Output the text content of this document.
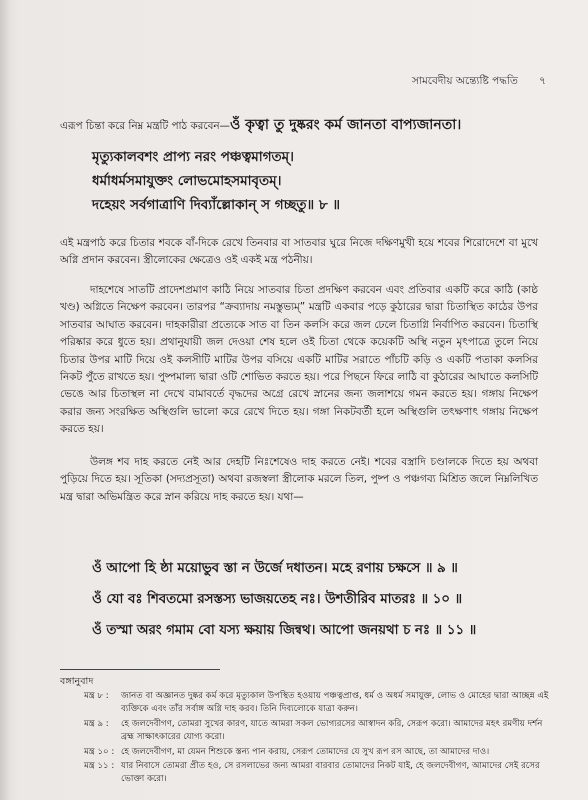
সামবেদীয় অন্ত্যেষ্টি পদ্ধতি ৭
এরূপ চিন্তা করে নিম্ন মন্ত্রটি পাঠ করবেন—ওঁ কৃত্বা তু দুষ্করং কর্ম জানতা বাপ্যজানতা।
মৃত্যুকালবশং প্রাপ্য নরং পঞ্চত্বমাগতম্।
ধর্মাধর্মসমাযুক্তং লোভমোহসমাবৃতম্।
দহেয়ং সর্বগাত্রাণি দিব্যাঁল্লোকান্ স গচ্ছতু॥ ৮ ॥
এই মন্ত্রপাঠ করে চিতার শবকে বাঁ-দিকে রেখে তিনবার বা সাতবার ঘুরে নিজে দক্ষিণমুখী হয়ে শবের শিরোদেশে বা মুখে অগ্নি প্রদান করবেন। স্ত্রীলোকের ক্ষেত্রেও ওই একই মন্ত্র পঠনীয়।
দাহশেষে সাতটি প্রাদেশপ্রমাণ কাঠি নিয়ে সাতবার চিতা প্রদক্ষিণ করবেন এবং প্রতিবার একটি করে কাঠি (কাষ্ঠ খণ্ড) অগ্নিতে নিক্ষেপ করবেন। তারপর “ক্রব্যাদায় নমস্তুভ্যম্” মন্ত্রটি একবার পড়ে কুঠারের দ্বারা চিতাস্থিত কাঠের উপর সাতবার আঘাত করবেন। দাহকারীরা প্রত্যেকে সাত বা তিন কলসি করে জল ঢেলে চিতাগ্নি নির্বাপিত করবেন। চিতাস্থি পরিষ্কার করে ধুতে হয়। প্রথানুযায়ী জল দেওয়া শেষ হলে ওই চিতা থেকে কয়েকটি অস্থি নতুন মৃৎপাত্রে তুলে নিয়ে চিতার উপর মাটি দিয়ে ওই কলসীটি মাটির উপর বসিয়ে একটি মাটির সরাতে পাঁচটি কড়ি ও একটি পতাকা কলসির নিকট পুঁতে রাখতে হয়। পুষ্পমাল্য দ্বারা ওটি শোভিত করতে হয়। পরে পিছনে ফিরে লাঠি বা কুঠারের আঘাতে কলসিটি ভেঙে আর চিতাস্থল না দেখে বামাবর্তে বৃদ্ধদের অগ্রে রেখে স্নানের জন্য জলাশয়ে গমন করতে হয়। গঙ্গায় নিক্ষেপ করার জন্য সংরক্ষিত অস্থিগুলি ভালো করে রেখে দিতে হয়। গঙ্গা নিকটবর্তী হলে অস্থিগুলি তৎক্ষণাৎ গঙ্গায় নিক্ষেপ করতে হয়।
উলঙ্গ শব দাহ করতে নেই আর দেহটি নিঃশেষেও দাহ করতে নেই। শবের বস্ত্রাদি চণ্ডালকে দিতে হয় অথবা পুড়িয়ে দিতে হয়। সূতিকা (সদ্যপ্রসূতা) অথবা রজস্বলা স্ত্রীলোক মরলে তিল, পুষ্প ও পঞ্চগব্য মিশ্রিত জলে নিম্নলিখিত মন্ত্র দ্বারা অভিমন্ত্রিত করে স্নান করিয়ে দাহ করতে হয়। যথা—
ওঁ আপো হি ষ্ঠা ময়োভুব স্তা ন উর্জে দধাতন। মহে রণায় চক্ষসে ॥ ৯ ॥
ওঁ যো বঃ শিবতমো রসস্তস্য ভাজয়তেহ নঃ। উশতীরিব মাতরঃ ॥ ১০ ॥
ওঁ তস্মা অরং গমাম বো যস্য ক্ষয়ায় জিন্বথ। আপো জনয়থা চ নঃ ॥ ১১ ॥
বঙ্গানুবাদ
মন্ত্র ৮ :	জানত বা অজ্ঞানত দুষ্কর কর্ম করে মৃত্যুকাল উপস্থিত হওয়ায় পঞ্চত্বপ্রাপ্ত, ধর্ম ও অধর্ম সমাযুক্ত, লোভ ও মোহের দ্বারা আচ্ছন্ন এই ব্যক্তিকে এবং তাঁর সর্বাঙ্গ অগ্নি দাহ করব। তিনি দিব্যলোকে যাত্রা করুন।
মন্ত্র ৯ :	হে জলদেবীগণ, তোমরা সুখের কারণ, যাতে আমরা সকল ভোগ্যরসের আস্বাদন করি, সেরূপ করো। আমাদের মহৎ রমণীয় দর্শন ব্রহ্ম সাক্ষাৎকারের যোগ্য করো।
মন্ত্র ১০ : হে জলদেবীগণ, মা যেমন শিশুকে স্তন্য পান করায়, সেরূপ তোমাদের যে সুখ রূপ রস আছে, তা আমাদের দাও।
মন্ত্র ১১ : যার নিবাসে তোমরা প্রীত হও, সে রসলাভের জন্য আমরা বারবার তোমাদের নিকট যাই, হে জলদেবীগণ, আমাদের সেই রসের ভোক্তা করো।
